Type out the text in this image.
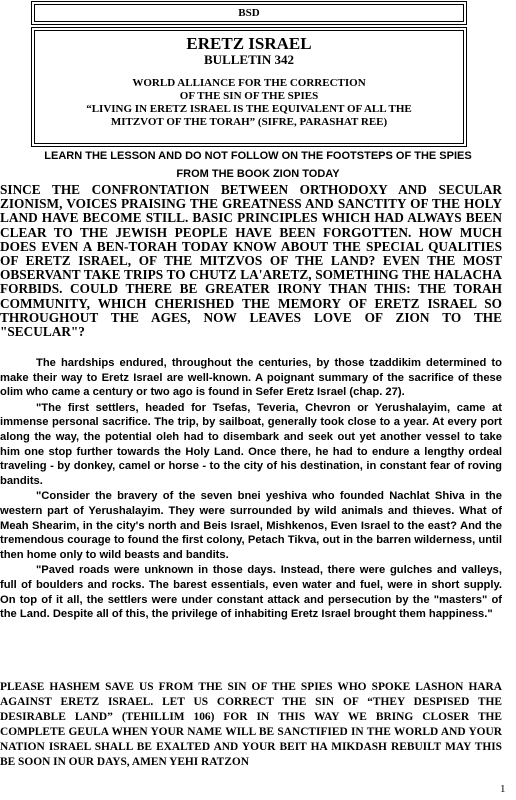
BSD
ERETZ ISRAEL
BULLETIN 342
WORLD ALLIANCE FOR THE CORRECTION
OF THE SIN OF THE SPIES
“LIVING IN ERETZ ISRAEL IS THE EQUIVALENT OF ALL THE
MITZVOT OF THE TORAH” (SIFRE, PARASHAT REE)
LEARN THE LESSON AND DO NOT FOLLOW ON THE FOOTSTEPS OF THE SPIES
FROM THE BOOK ZION TODAY
SINCE THE CONFRONTATION BETWEEN ORTHODOXY AND SECULAR ZIONISM, VOICES PRAISING THE GREATNESS AND SANCTITY OF THE HOLY LAND HAVE BECOME STILL. BASIC PRINCIPLES WHICH HAD ALWAYS BEEN CLEAR TO THE JEWISH PEOPLE HAVE BEEN FORGOTTEN. HOW MUCH DOES EVEN A BEN-TORAH TODAY KNOW ABOUT THE SPECIAL QUALITIES OF ERETZ ISRAEL, OF THE MITZVOS OF THE LAND? EVEN THE MOST OBSERVANT TAKE TRIPS TO CHUTZ LA'ARETZ, SOMETHING THE HALACHA FORBIDS. COULD THERE BE GREATER IRONY THAN THIS: THE TORAH COMMUNITY, WHICH CHERISHED THE MEMORY OF ERETZ ISRAEL SO THROUGHOUT THE AGES, NOW LEAVES LOVE OF ZION TO THE "SECULAR"?

The hardships endured, throughout the centuries, by those tzaddikim determined to make their way to Eretz Israel are well-known. A poignant summary of the sacrifice of these olim who came a century or two ago is found in Sefer Eretz Israel (chap. 27).

"The first settlers, headed for Tsefas, Teveria, Chevron or Yerushalayim, came at immense personal sacrifice. The trip, by sailboat, generally took close to a year. At every port along the way, the potential oleh had to disembark and seek out yet another vessel to take him one stop further towards the Holy Land. Once there, he had to endure a lengthy ordeal traveling - by donkey, camel or horse - to the city of his destination, in constant fear of roving bandits.

"Consider the bravery of the seven bnei yeshiva who founded Nachlat Shiva in the western part of Yerushalayim. They were surrounded by wild animals and thieves. What of Meah Shearim, in the city's north and Beis Israel, Mishkenos, Even Israel to the east? And the tremendous courage to found the first colony, Petach Tikva, out in the barren wilderness, until then home only to wild beasts and bandits.

"Paved roads were unknown in those days. Instead, there were gulches and valleys, full of boulders and rocks. The barest essentials, even water and fuel, were in short supply. On top of it all, the settlers were under constant attack and persecution by the "masters" of the Land. Despite all of this, the privilege of inhabiting Eretz Israel brought them happiness."

PLEASE HASHEM SAVE US FROM THE SIN OF THE SPIES WHO SPOKE LASHON HARA AGAINST ERETZ ISRAEL. LET US CORRECT THE SIN OF “THEY DESPISED THE DESIRABLE LAND” (TEHILLIM 106) FOR IN THIS WAY WE BRING CLOSER THE COMPLETE GEULA WHEN YOUR NAME WILL BE SANCTIFIED IN THE WORLD AND YOUR NATION ISRAEL SHALL BE EXALTED AND YOUR BEIT HA MIKDASH REBUILT MAY THIS BE SOON IN OUR DAYS, AMEN YEHI RATZON
1
